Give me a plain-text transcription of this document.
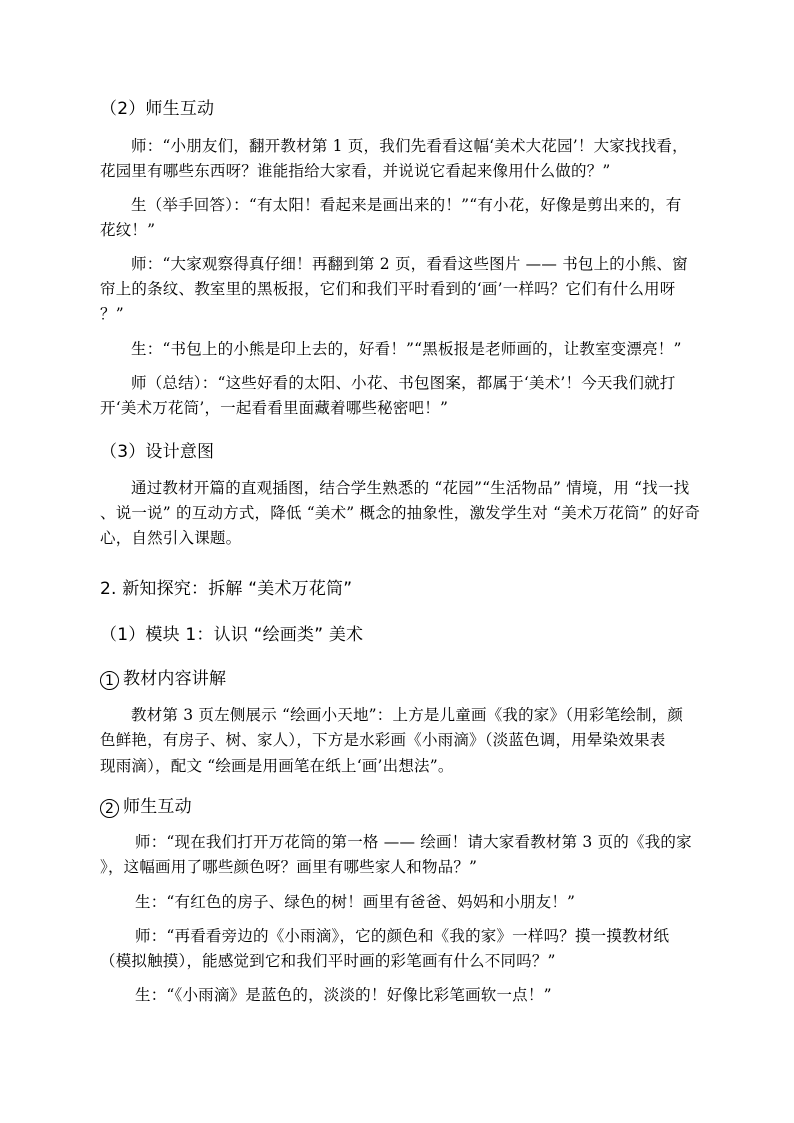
（2）师生互动
师：“小朋友们，翻开教材第 1 页，我们先看看这幅‘美术大花园’！大家找找看，
花园里有哪些东西呀？谁能指给大家看，并说说它看起来像用什么做的？”
生（举手回答）：“有太阳！看起来是画出来的！”“有小花，好像是剪出来的，有
花纹！”
师：“大家观察得真仔细！再翻到第 2 页，看看这些图片 —— 书包上的小熊、窗
帘上的条纹、教室里的黑板报，它们和我们平时看到的‘画’一样吗？它们有什么用呀
？”
生：“书包上的小熊是印上去的，好看！”“黑板报是老师画的，让教室变漂亮！”
师（总结）：“这些好看的太阳、小花、书包图案，都属于‘美术’！今天我们就打
开‘美术万花筒’，一起看看里面藏着哪些秘密吧！”
（3）设计意图
通过教材开篇的直观插图，结合学生熟悉的 “花园”“生活物品” 情境，用 “找一找
、说一说” 的互动方式，降低 “美术” 概念的抽象性，激发学生对 “美术万花筒” 的好奇
心，自然引入课题。
2. 新知探究：拆解 “美术万花筒”
（1）模块 1：认识 “绘画类” 美术
1 教材内容讲解
教材第 3 页左侧展示 “绘画小天地”：上方是儿童画《我的家》（用彩笔绘制，颜
色鲜艳，有房子、树、家人），下方是水彩画《小雨滴》（淡蓝色调，用晕染效果表
现雨滴），配文 “绘画是用画笔在纸上‘画’出想法”。
2 师生互动
师：“现在我们打开万花筒的第一格 —— 绘画！请大家看教材第 3 页的《我的家
》，这幅画用了哪些颜色呀？画里有哪些家人和物品？”
生：“有红色的房子、绿色的树！画里有爸爸、妈妈和小朋友！”
师：“再看看旁边的《小雨滴》，它的颜色和《我的家》一样吗？摸一摸教材纸
（模拟触摸），能感觉到它和我们平时画的彩笔画有什么不同吗？”
生：“《小雨滴》是蓝色的，淡淡的！好像比彩笔画软一点！”
